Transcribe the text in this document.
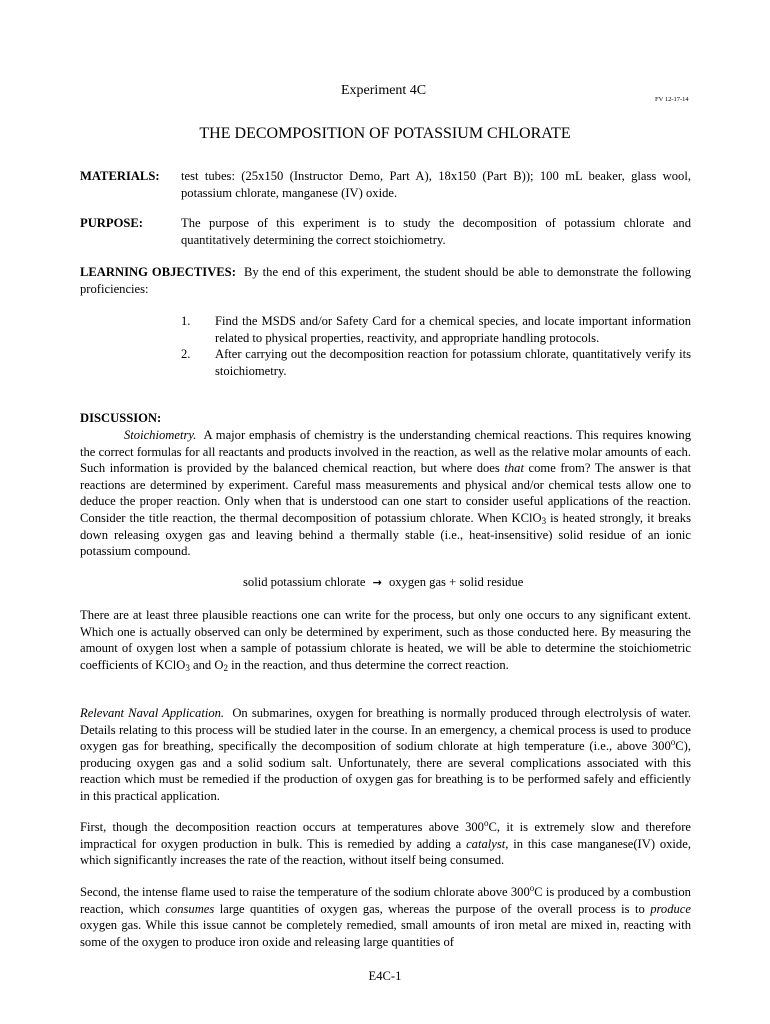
Experiment 4C
FV 12-17-14
THE DECOMPOSITION OF POTASSIUM CHLORATE
MATERIALS: test tubes: (25x150 (Instructor Demo, Part A), 18x150 (Part B)); 100 mL beaker, glass wool, potassium chlorate, manganese (IV) oxide.
PURPOSE:	The purpose of this experiment is to study the decomposition of potassium chlorate and quantitatively determining the correct stoichiometry.
LEARNING OBJECTIVES: By the end of this experiment, the student should be able to demonstrate the following proficiencies:
1. Find the MSDS and/or Safety Card for a chemical species, and locate important information related to physical properties, reactivity, and appropriate handling protocols.
2. After carrying out the decomposition reaction for potassium chlorate, quantitatively verify its stoichiometry.
DISCUSSION:
Stoichiometry. A major emphasis of chemistry is the understanding chemical reactions. This requires knowing the correct formulas for all reactants and products involved in the reaction, as well as the relative molar amounts of each. Such information is provided by the balanced chemical reaction, but where does that come from? The answer is that reactions are determined by experiment. Careful mass measurements and physical and/or chemical tests allow one to deduce the proper reaction. Only when that is understood can one start to consider useful applications of the reaction. Consider the title reaction, the thermal decomposition of potassium chlorate. When KClO$_3$ is heated strongly, it breaks down releasing oxygen gas and leaving behind a thermally stable (i.e., heat-insensitive) solid residue of an ionic potassium compound.
solid potassium chlorate → oxygen gas + solid residue
There are at least three plausible reactions one can write for the process, but only one occurs to any significant extent. Which one is actually observed can only be determined by experiment, such as those conducted here. By measuring the amount of oxygen lost when a sample of potassium chlorate is heated, we will be able to determine the stoichiometric coefficients of KClO$_3$ and $O_2$ in the reaction, and thus determine the correct reaction.
Relevant Naval Application. On submarines, oxygen for breathing is normally produced through electrolysis of water. Details relating to this process will be studied later in the course. In an emergency, a chemical process is used to produce oxygen gas for breathing, specifically the decomposition of sodium chlorate at high temperature (i.e., above 300$^o$C), producing oxygen gas and a solid sodium salt. Unfortunately, there are several complications associated with this reaction which must be remedied if the production of oxygen gas for breathing is to be performed safely and efficiently in this practical application.
First, though the decomposition reaction occurs at temperatures above 300$^o$C, it is extremely slow and therefore impractical for oxygen production in bulk. This is remedied by adding a catalyst, in this case manganese(IV) oxide, which significantly increases the rate of the reaction, without itself being consumed.
Second, the intense flame used to raise the temperature of the sodium chlorate above 300$^o$C is produced by a combustion reaction, which consumes large quantities of oxygen gas, whereas the purpose of the overall process is to produce oxygen gas. While this issue cannot be completely remedied, small amounts of iron metal are mixed in, reacting with some of the oxygen to produce iron oxide and releasing large quantities of
E4C-1
